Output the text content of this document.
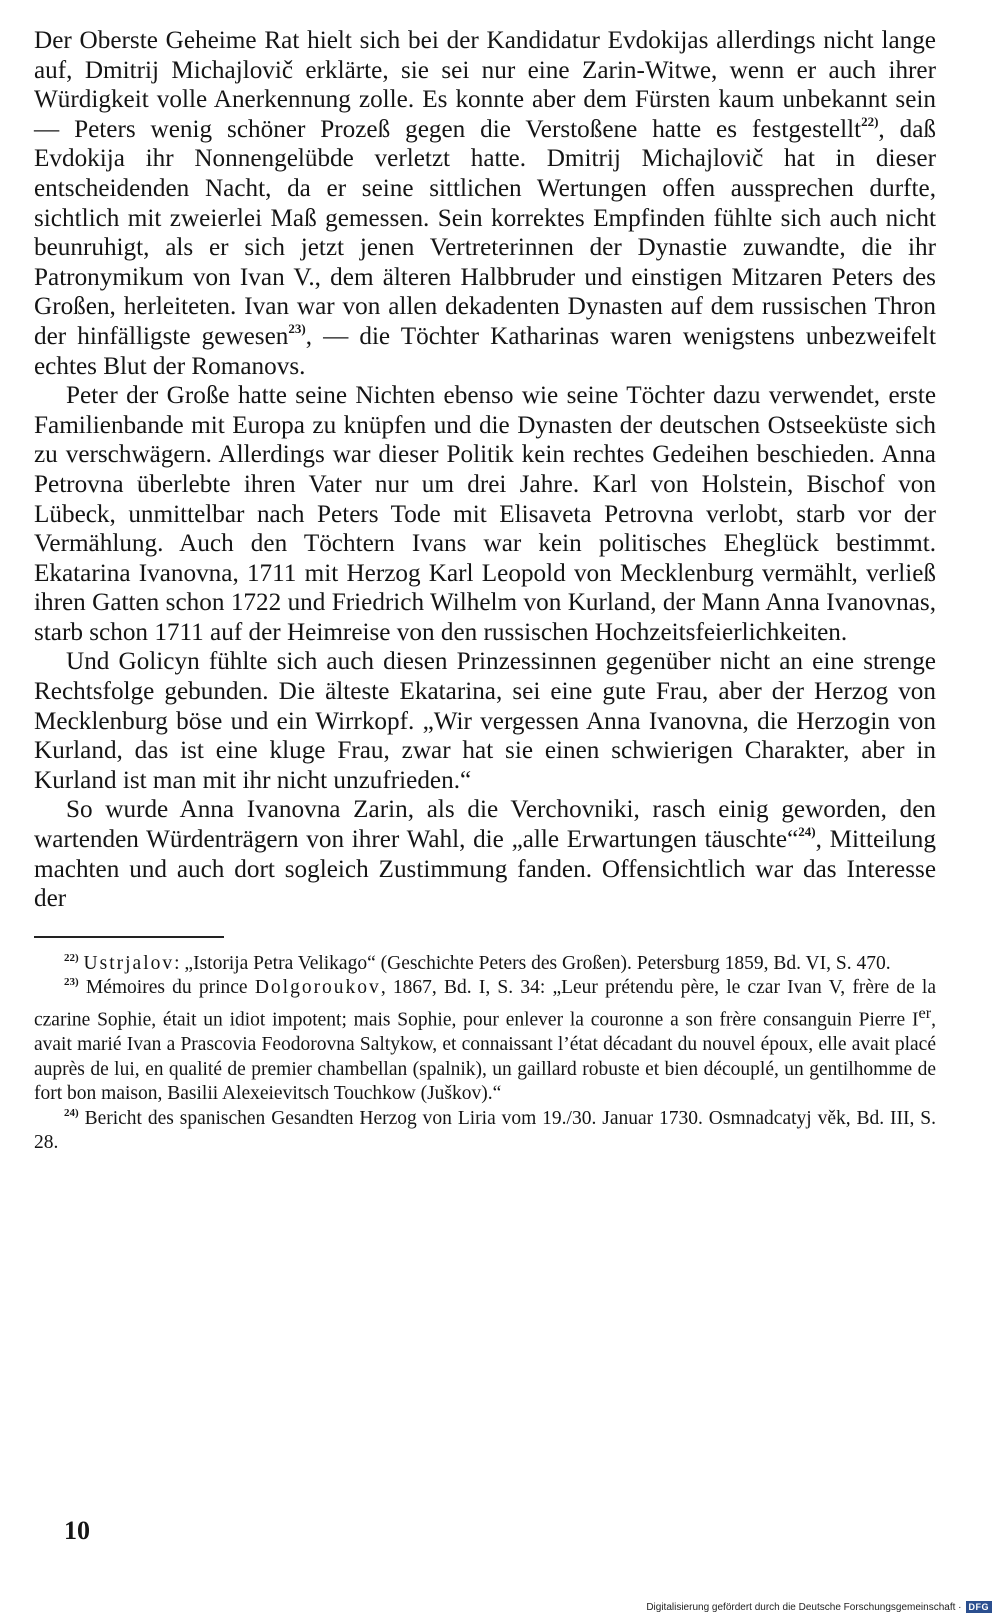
Der Oberste Geheime Rat hielt sich bei der Kandidatur Evdokijas allerdings nicht lange auf, Dmitrij Michajlovič erklärte, sie sei nur eine Zarin-Witwe, wenn er auch ihrer Würdigkeit volle Anerkennung zolle. Es konnte aber dem Fürsten kaum unbekannt sein — Peters wenig schöner Prozeß gegen die Verstoßene hatte es festgestellt$^{22)}$, daß Evdokija ihr Nonnengelübde verletzt hatte. Dmitrij Michajlovič hat in dieser entscheidenden Nacht, da er seine sittlichen Wertungen offen aussprechen durfte, sichtlich mit zweierlei Maß gemessen. Sein korrektes Empfinden fühlte sich auch nicht beunruhigt, als er sich jetzt jenen Vertreterinnen der Dynastie zuwandte, die ihr Patronymikum von Ivan V., dem älteren Halbbruder und einstigen Mitzaren Peters des Großen, herleiteten. Ivan war von allen dekadenten Dynasten auf dem russischen Thron der hinfälligste gewesen$^{23)}$, — die Töchter Katharinas waren wenigstens unbezweifelt echtes Blut der Romanovs.

Peter der Große hatte seine Nichten ebenso wie seine Töchter dazu verwendet, erste Familienbande mit Europa zu knüpfen und die Dynasten der deutschen Ostseeküste sich zu verschwägern. Allerdings war dieser Politik kein rechtes Gedeihen beschieden. Anna Petrovna überlebte ihren Vater nur um drei Jahre. Karl von Holstein, Bischof von Lübeck, unmittelbar nach Peters Tode mit Elisaveta Petrovna verlobt, starb vor der Vermählung. Auch den Töchtern Ivans war kein politisches Eheglück bestimmt. Ekatarina Ivanovna, 1711 mit Herzog Karl Leopold von Mecklenburg vermählt, verließ ihren Gatten schon 1722 und Friedrich Wilhelm von Kurland, der Mann Anna Ivanovnas, starb schon 1711 auf der Heimreise von den russischen Hochzeitsfeierlichkeiten.

Und Golicyn fühlte sich auch diesen Prinzessinnen gegenüber nicht an eine strenge Rechtsfolge gebunden. Die älteste Ekatarina, sei eine gute Frau, aber der Herzog von Mecklenburg böse und ein Wirrkopf. „Wir vergessen Anna Ivanovna, die Herzogin von Kurland, das ist eine kluge Frau, zwar hat sie einen schwierigen Charakter, aber in Kurland ist man mit ihr nicht unzufrieden.“

So wurde Anna Ivanovna Zarin, als die Verchovniki, rasch einig geworden, den wartenden Würdenträgern von ihrer Wahl, die „alle Erwartungen täuschte“$^{24)}$, Mitteilung machten und auch dort sogleich Zustimmung fanden. Offensichtlich war das Interesse der

$^{22)}$ Ustrjalov: „Istorija Petra Velikago“ (Geschichte Peters des Großen). Petersburg 1859, Bd. VI, S. 470.

$^{23)}$ Mémoires du prince Dolgoroukov, 1867, Bd. I, S. 34: „Leur prétendu père, le czar Ivan V, frère de la czarine Sophie, était un idiot impotent; mais Sophie, pour enlever la couronne a son frère consanguin Pierre Ier, avait marié Ivan a Prascovia Feodorovna Saltykow, et connaissant l’état décadant du nouvel époux, elle avait placé auprès de lui, en qualité de premier chambellan (spalnik), un gaillard robuste et bien découplé, un gentilhomme de fort bon maison, Basilii Alexeievitsch Touchkow (Juškov).“

$^{24)}$ Bericht des spanischen Gesandten Herzog von Liria vom 19./30. Januar 1730. Osmnadcatyj věk, Bd. III, S. 28.

10
Digitalisierung gefördert durch die Deutsche Forschungsgemeinschaft · DFG
